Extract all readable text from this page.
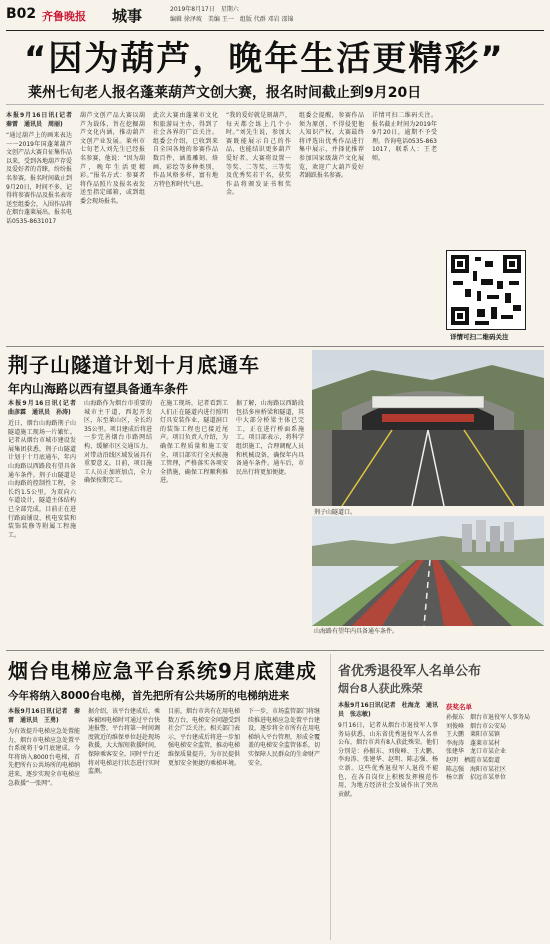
B02 齐鲁晚报 城事	2019年8月17日　星期六
编辑 徐泽坡　美编 王一　组版 代群 邓岩 邵锦
“因为葫芦，晚年生活更精彩”
莱州七旬老人报名蓬莱葫芦文创大赛，报名时间截止到9月20日
本报9月16日讯(记者　秦雷　通讯员　周丽)
“通过葫芦上的画来表达一一2019年国蓬莱葫芦文创产品大赛自征集作品以来，受到各地葫芦存爱及爱好者的青睐，纷纷报名参赛，报名时间截止到9月20日，时间不多，记得将参赛作品及报名表寄送至组委会，入围作品将在烟台蓬莱展出。报名电话0535-8631017
葫芦文创产品大赛以葫芦为载体，旨在挖掘葫芦文化内涵，推动葫芦文创产业发展。莱州市七旬老人刘先生已经报名参赛，他说：“因为葫芦，晚年生活更精彩。”报名方式：参赛者将作品照片及报名表发送至指定邮箱，或到组委会现场报名。
此次大赛由蓬莱市文化和旅游局主办，得到了社会各界的广泛关注。组委会介绍，已收到来自全国各地的参赛作品数百件，涵盖雕刻、烙画、彩绘等多种类别，作品风格多样，富有地方特色和时代气息。
“我的爱好就是刻葫芦，每天都会练上几个小时。”刘先生说，参加大赛既能展示自己的作品，也能结识更多葫芦爱好者。大赛将设置一等奖、二等奖、三等奖及优秀奖若干名，获奖作品将颁发证书和奖金。
组委会提醒，参赛作品须为原创，不得侵犯他人知识产权。大赛最终将评选出优秀作品进行集中展示，并择优推荐参加国家级葫芦文化展览，欢迎广大葫芦爱好者踊跃报名参赛。
详情可扫二维码关注。报名截止时间为2019年9月20日，逾期不予受理。咨询电话0535-8631017，联系人：王老师。
详情可扫二维码关注
荆子山隧道计划十月底通车
年内山海路以西有望具备通车条件
本报9月16日讯(记者　曲彦霖　通讯员　孙涛)
近日，烟台山海路荆子山隧道施工现场一片繁忙。记者从烟台市城市建设发展集团获悉，荆子山隧道计划于十月底通车，年内山海路以西路段有望具备通车条件。荆子山隧道是山海路的控制性工程，全长约1.5公里，为双向六车道设计，隧道主体结构已全部完成，目前正在进行路面铺设、机电安装和装饰装修等附属工程施工。
山海路作为烟台市重要的城市主干道，西起开发区，东至莱山区，全长约35公里。项目建成后将进一步完善烟台市路网结构，缓解市区交通压力，对带动沿线区域发展具有重要意义。目前，项目施工人员正加班加点，全力确保按期完工。
在施工现场，记者看到工人们正在隧道内进行照明灯具安装作业，隧道洞口的装饰工程也已接近尾声。项目负责人介绍，为确保工程质量和施工安全，项目部实行全天候施工管理，严格落实各项安全措施，确保工程顺利推进。
据了解，山海路以西路段包括多座桥梁和隧道，其中大部分桥梁主体已完工，正在进行桥面系施工。项目部表示，将科学组织施工，合理调配人员和机械设备，确保年内具备通车条件。通车后，市民出行将更加便捷。
荆子山隧道口。
山海路有望年内具备通车条件。
烟台电梯应急平台系统9月底建成
今年将纳入8000台电梯，首先把所有公共场所的电梯纳进来
本报9月16日讯(记者　秦雷　通讯员　王勇)
为有效提升电梯应急处置能力，烟台市电梯应急处置平台系统将于9月底建成。今年将纳入8000台电梯，首先把所有公共场所的电梯纳进来，逐步实现全市电梯应急救援“一张网”。
据介绍，该平台建成后，乘客被困电梯时可通过平台快速报警，平台将第一时间调度就近的维保单位赶赴现场救援，大大缩短救援时间，保障乘客安全。同时平台还将对电梯运行状态进行实时监测。
目前，烟台市共有在用电梯数万台，电梯安全问题受到社会广泛关注。相关部门表示，平台建成后将进一步加强电梯安全监管，推动电梯维保质量提升，为市民提供更加安全便捷的乘梯环境。
下一步，市场监管部门将继续推进电梯应急处置平台建设，逐步将全市所有在用电梯纳入平台管理，形成全覆盖的电梯安全监管体系，切实保障人民群众的生命财产安全。
省优秀退役军人名单公布
烟台8人获此殊荣
本报9月16日讯(记者　杜海龙　通讯员　张志敏)
9月16日，记者从烟台市退役军人事务局获悉，山东省优秀退役军人名单公布，烟台市共有8人获此殊荣。他们分别是：孙振东、刘俊峰、王大鹏、李海涛、张建华、赵明、陈志强、杨立新。这些优秀退役军人退役不褪色，在各自岗位上积极发挥模范作用，为地方经济社会发展作出了突出贡献。
获奖名单
孙振东　烟台市退役军人事务局
刘俊峰　烟台市公安局
王大鹏　莱阳市某镇
李海涛　蓬莱市某村
张建华　龙口市某企业
赵明　栖霞市某街道
陈志强　海阳市某社区
杨立新　招远市某单位
